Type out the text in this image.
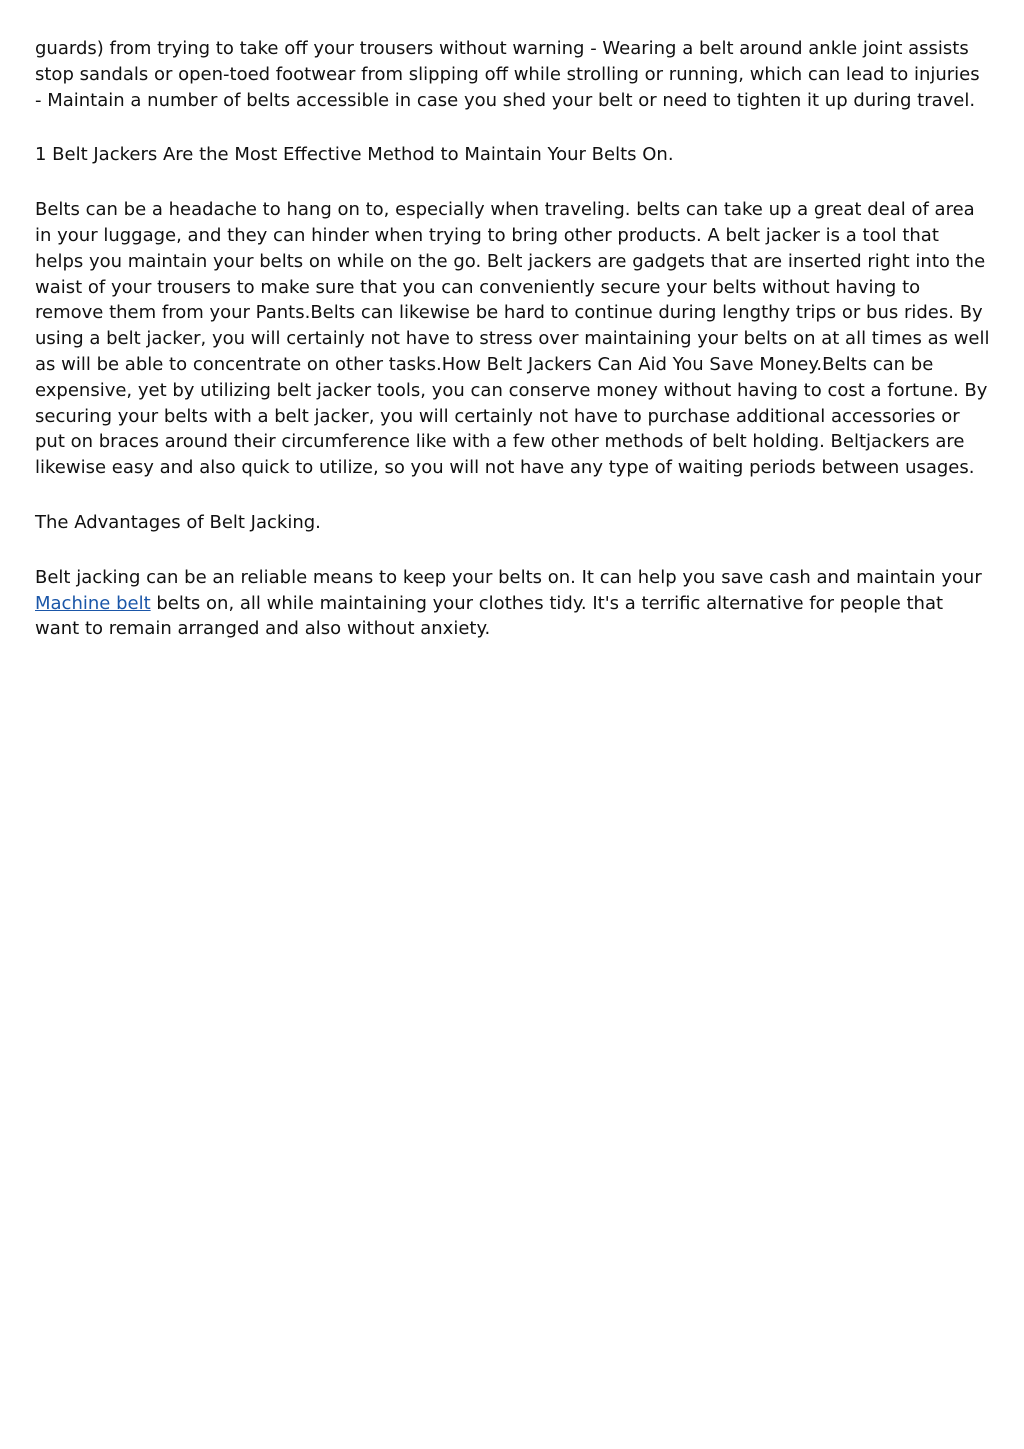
guards) from trying to take off your trousers without warning - Wearing a belt around ankle joint assists stop sandals or open-toed footwear from slipping off while strolling or running, which can lead to injuries - Maintain a number of belts accessible in case you shed your belt or need to tighten it up during travel.

1 Belt Jackers Are the Most Effective Method to Maintain Your Belts On.

Belts can be a headache to hang on to, especially when traveling. belts can take up a great deal of area in your luggage, and they can hinder when trying to bring other products. A belt jacker is a tool that helps you maintain your belts on while on the go. Belt jackers are gadgets that are inserted right into the waist of your trousers to make sure that you can conveniently secure your belts without having to remove them from your Pants.Belts can likewise be hard to continue during lengthy trips or bus rides. By using a belt jacker, you will certainly not have to stress over maintaining your belts on at all times as well as will be able to concentrate on other tasks.How Belt Jackers Can Aid You Save Money.Belts can be expensive, yet by utilizing belt jacker tools, you can conserve money without having to cost a fortune. By securing your belts with a belt jacker, you will certainly not have to purchase additional accessories or put on braces around their circumference like with a few other methods of belt holding. Beltjackers are likewise easy and also quick to utilize, so you will not have any type of waiting periods between usages.

The Advantages of Belt Jacking.

Belt jacking can be an reliable means to keep your belts on. It can help you save cash and maintain your Machine belt belts on, all while maintaining your clothes tidy. It's a terrific alternative for people that want to remain arranged and also without anxiety.
